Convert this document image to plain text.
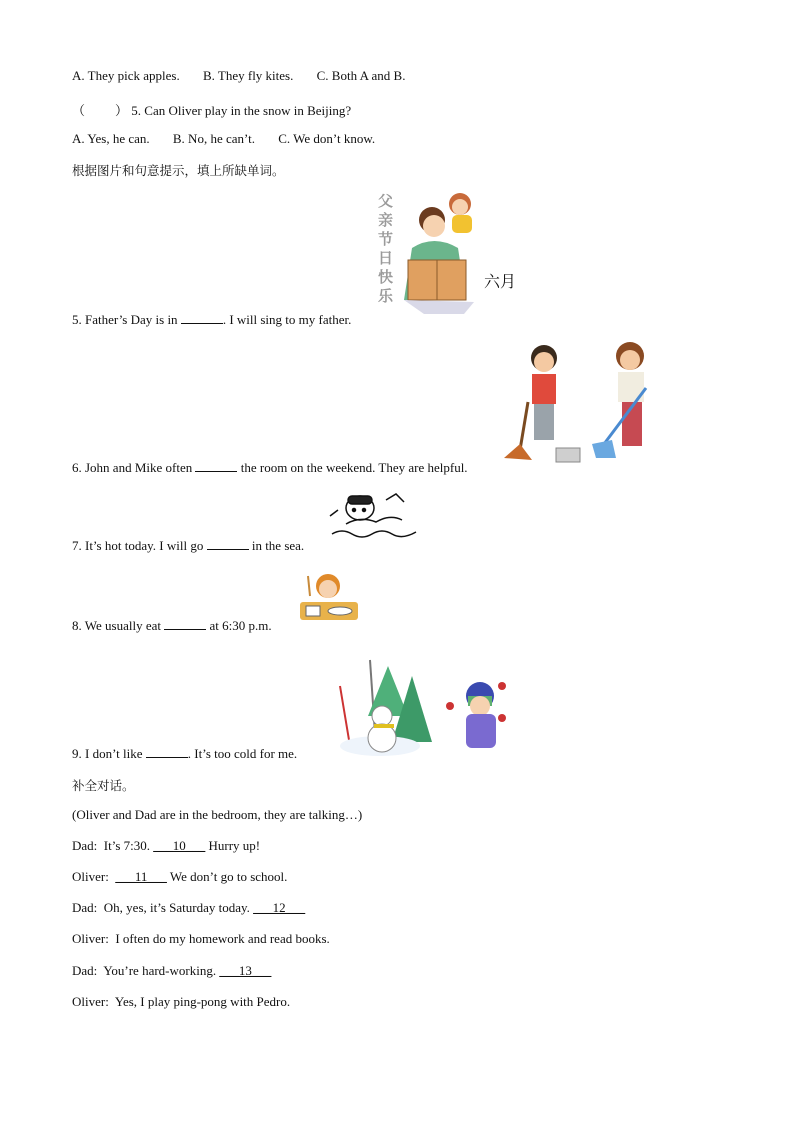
A. They pick apples. B. They fly kites. C. Both A and B.
（ ） 5. Can Oliver play in the snow in Beijing?
A. Yes, he can. B. No, he can’t. C. We don’t know.
根据图片和句意提示，填上所缺单词。
父
亲
节
日
快
乐
六月
5. Father’s Day is in	. I will sing to my father.
6. John and Mike often	the room on the weekend. They are helpful.
7. It’s hot today. I will go	in the sea.
8. We usually eat	at 6:30 p.m.
9. I don’t like	. It’s too cold for me.
补全对话。
(Oliver and Dad are in the bedroom, they are talking…)
Dad: It’s 7:30. ___10___ Hurry up!
Oliver: ___11___ We don’t go to school.
Dad: Oh, yes, it’s Saturday today. ___12___
Oliver: I often do my homework and read books.
Dad: You’re hard-working. ___13___
Oliver: Yes, I play ping-pong with Pedro.
